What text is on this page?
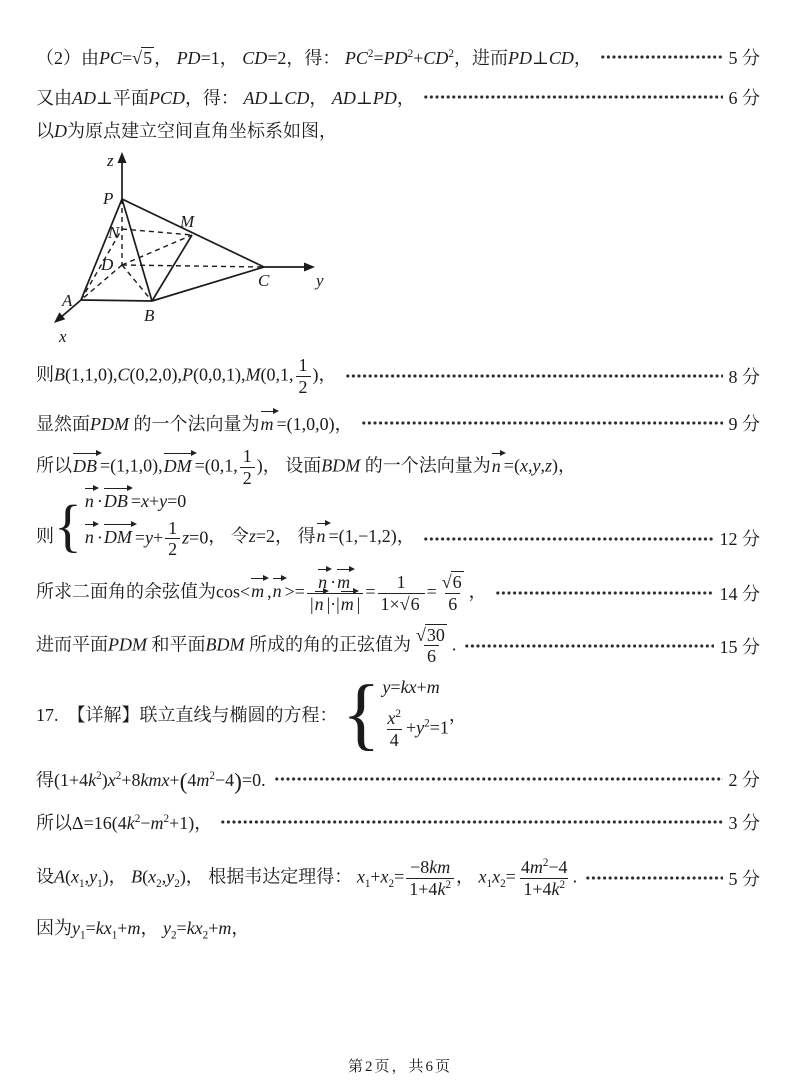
（2）由PC=√5 ， PD=1， CD=2，得： $PC^2=PD^2+CD^2$，进而PD⊥CD，	5 分
又由AD⊥平面PCD，得： AD⊥CD， AD⊥PD，	6 分
以D为原点建立空间直角坐标系如图，
z
P
N
D
M
C	y
A
B
x
则B(1,1,0),C(0,2,0),P(0,0,1),M(0,1, $\frac{1}{2}$ )，	8 分
显然面PDM 的一个法向量为m =(1,0,0)，	9 分
所以DB =(1,1,0),DM =(0,1, $\frac{1}{2}$ )， 设面BDM 的一个法向量为n =(x,y,z)，
则 { n ·DB =x+y=0
$n \cdot DM =y+ \frac{1}{2} z=0$ ， 令z=2， 得n =(1,−1,2)，	12 分
所求二面角的余弦值为cos<m $,n >= \frac{n \cdot m}{|n |\cdot|m |} = \frac{1}{1\times√6} = \frac{√6}{6}$ ，	14 分
进而平面PDM 和平面BDM 所成的角的正弦值为 $\frac{√30}{6}$ .	15 分
17.  【详解】联立直线与椭圆的方程： { y=kx+m
$\frac{x^2}{4} +y^2=1$
，
得$(1+4k^2)x^2+8kmx+(4m^2-4)=0$.	2 分
所以$\Delta=16(4k^2-m^2+1)$，	3 分
设$A(x_1,y_1)$， $B(x_2,y_2)$， 根据韦达定理得： $x_1+x_2= \frac{-8km}{1+4k^2}$ ， $x_1x_2= \frac{4m^2-4}{1+4k^2}$ .	5 分
因为$y_1=kx_1+m$， $y_2=kx_2+m$，
第2页，共6页
